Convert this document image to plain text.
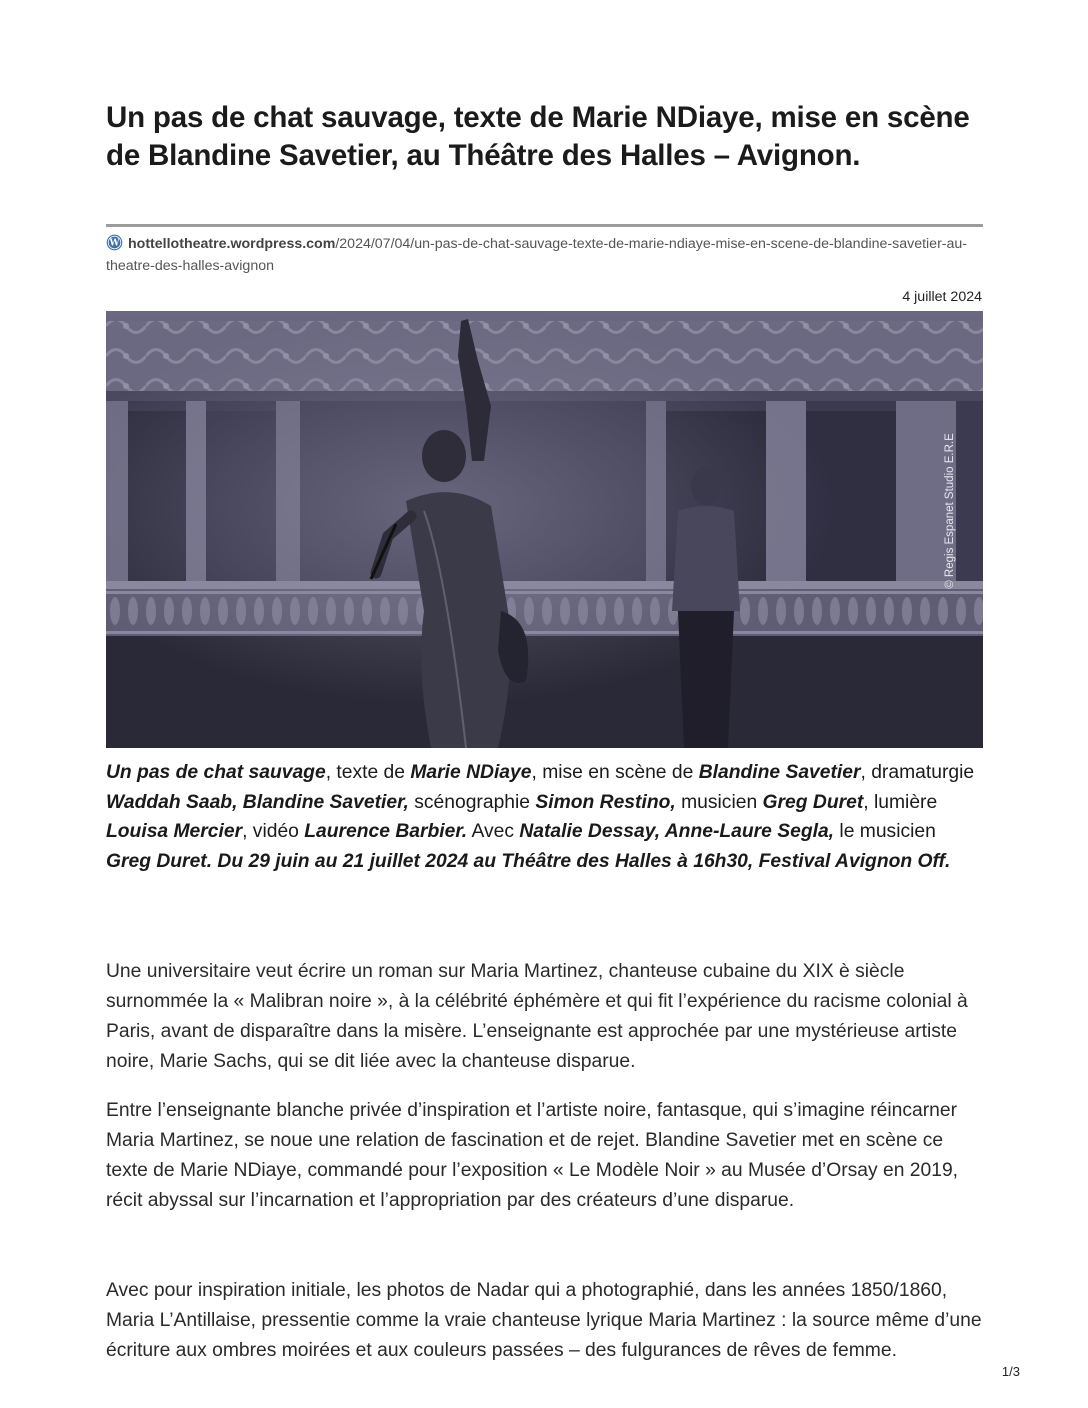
Un pas de chat sauvage, texte de Marie NDiaye, mise en scène de Blandine Savetier, au Théâtre des Halles – Avignon.
W hottellotheatre.wordpress.com/2024/07/04/un-pas-de-chat-sauvage-texte-de-marie-ndiaye-mise-en-scene-de-blandine-savetier-au-theatre-des-halles-avignon
4 juillet 2024
© Regis Espanet Studio E.R.E

Un pas de chat sauvage, texte de Marie NDiaye, mise en scène de Blandine Savetier, dramaturgie Waddah Saab, Blandine Savetier, scénographie Simon Restino, musicien Greg Duret, lumière Louisa Mercier, vidéo Laurence Barbier. Avec Natalie Dessay, Anne-Laure Segla, le musicien Greg Duret. Du 29 juin au 21 juillet 2024 au Théâtre des Halles à 16h30, Festival Avignon Off.

Une universitaire veut écrire un roman sur Maria Martinez, chanteuse cubaine du XIX è siècle surnommée la « Malibran noire », à la célébrité éphémère et qui fit l’expérience du racisme colonial à Paris, avant de disparaître dans la misère. L’enseignante est approchée par une mystérieuse artiste noire, Marie Sachs, qui se dit liée avec la chanteuse disparue.

Entre l’enseignante blanche privée d’inspiration et l’artiste noire, fantasque, qui s’imagine réincarner Maria Martinez, se noue une relation de fascination et de rejet. Blandine Savetier met en scène ce texte de Marie NDiaye, commandé pour l’exposition « Le Modèle Noir » au Musée d’Orsay en 2019, récit abyssal sur l’incarnation et l’appropriation par des créateurs d’une disparue.

Avec pour inspiration initiale, les photos de Nadar qui a photographié, dans les années 1850/1860, Maria L’Antillaise, pressentie comme la vraie chanteuse lyrique Maria Martinez : la source même d’une écriture aux ombres moirées et aux couleurs passées – des fulgurances de rêves de femme.

1/3
